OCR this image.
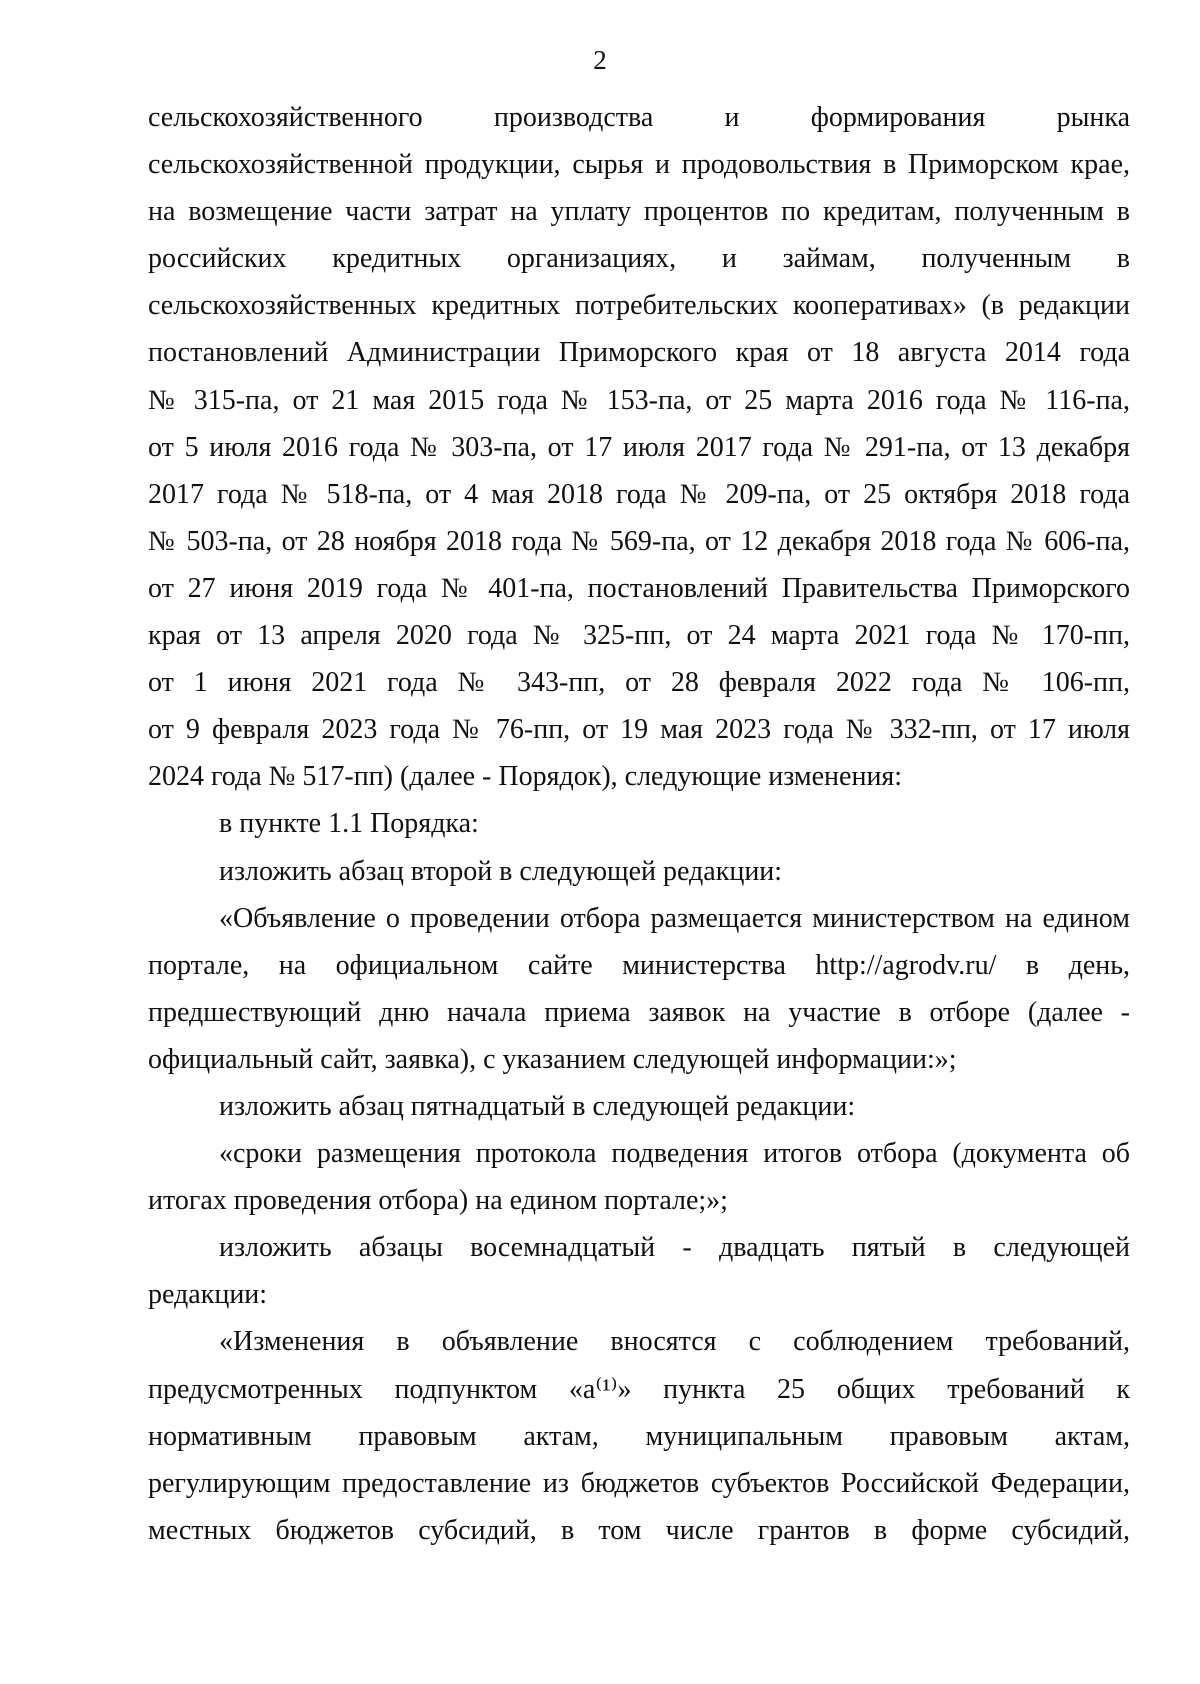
2
сельскохозяйственного производства и формирования рынка
сельскохозяйственной продукции, сырья и продовольствия в Приморском крае,
на возмещение части затрат на уплату процентов по кредитам, полученным в
российских кредитных организациях, и займам, полученным в
сельскохозяйственных кредитных потребительских кооперативах» (в редакции
постановлений Администрации Приморского края от 18 августа 2014 года
№ 315-па, от 21 мая 2015 года № 153-па, от 25 марта 2016 года № 116-па,
от 5 июля 2016 года № 303-па, от 17 июля 2017 года № 291-па, от 13 декабря
2017 года № 518-па, от 4 мая 2018 года № 209-па, от 25 октября 2018 года
№ 503-па, от 28 ноября 2018 года № 569-па, от 12 декабря 2018 года № 606-па,
от 27 июня 2019 года № 401-па, постановлений Правительства Приморского
края от 13 апреля 2020 года № 325-пп, от 24 марта 2021 года № 170-пп,
от 1 июня 2021 года № 343-пп, от 28 февраля 2022 года № 106-пп,
от 9 февраля 2023 года № 76-пп, от 19 мая 2023 года № 332-пп, от 17 июля
2024 года № 517-пп) (далее - Порядок), следующие изменения:
в пункте 1.1 Порядка:
изложить абзац второй в следующей редакции:
«Объявление о проведении отбора размещается министерством на едином
портале, на официальном сайте министерства http://agrodv.ru/ в день,
предшествующий дню начала приема заявок на участие в отборе (далее -
официальный сайт, заявка), с указанием следующей информации:»;
изложить абзац пятнадцатый в следующей редакции:
«сроки размещения протокола подведения итогов отбора (документа об
итогах проведения отбора) на едином портале;»;
изложить абзацы восемнадцатый - двадцать пятый в следующей
редакции:
«Изменения в объявление вносятся с соблюдением требований,
предусмотренных подпунктом «а⁽¹⁾» пункта 25 общих требований к
нормативным правовым актам, муниципальным правовым актам,
регулирующим предоставление из бюджетов субъектов Российской Федерации,
местных бюджетов субсидий, в том числе грантов в форме субсидий,
